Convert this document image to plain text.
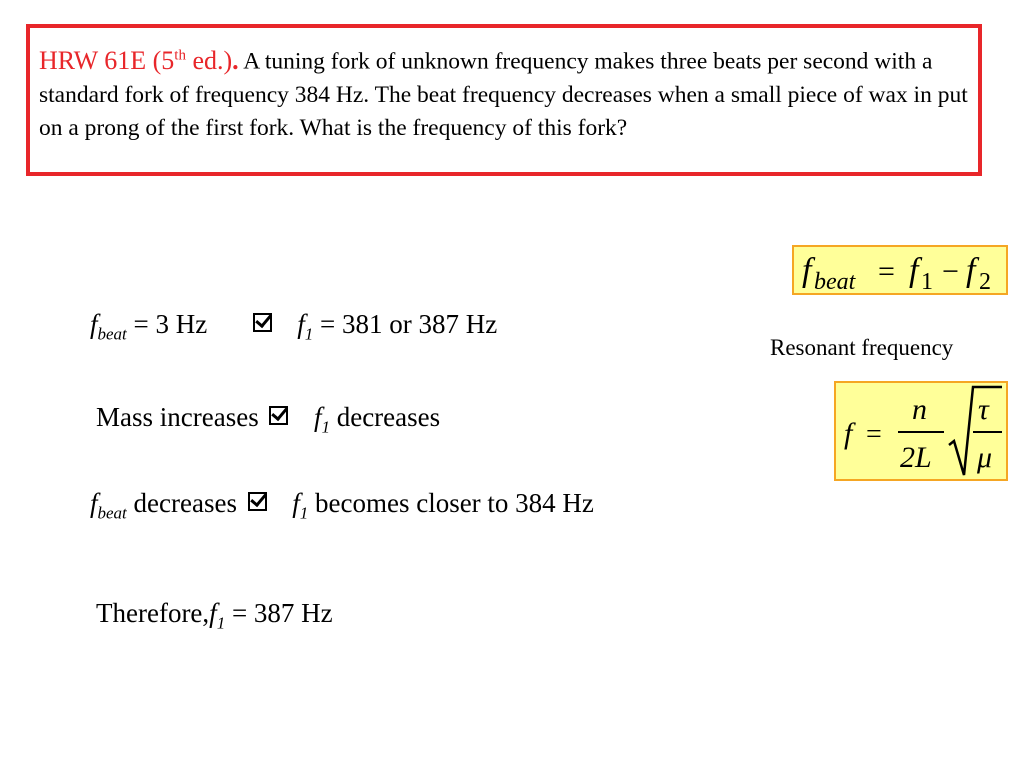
HRW 61E (5th ed.). A tuning fork of unknown frequency makes three beats per second with a standard fork of frequency 384 Hz. The beat frequency decreases when a small piece of wax in put on a prong of the first fork. What is the frequency of this fork?
f beat = f 1 − f 2
Resonant frequency
f =
n
2L
τ
μ
$f_{beat} = 3$ Hz	$f_1 = 381$ or 387 Hz
Mass increases $f_1$ decreases
$f_{beat}$ decreases $f_1$ becomes closer to 384 Hz
$Therefore,f_1 = 387$ Hz
